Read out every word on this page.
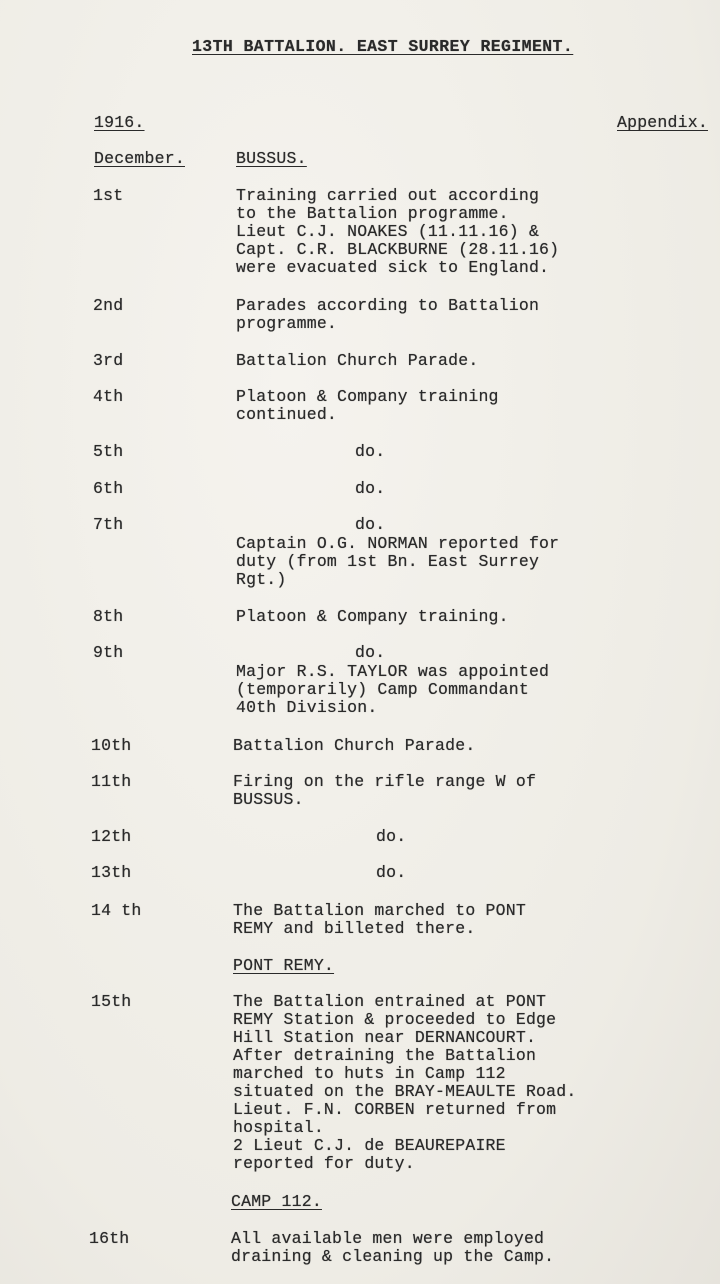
13TH BATTALION. EAST SURREY REGIMENT.
1916.	Appendix.
December.	BUSSUS.
1st	Training carried out according
to the Battalion programme.
Lieut C.J. NOAKES (11.11.16) &
Capt. C.R. BLACKBURNE (28.11.16)
were evacuated sick to England.
2nd	Parades according to Battalion
programme.
3rd	Battalion Church Parade.
4th	Platoon & Company training
continued.
5th	do.
6th	do.
7th	do.
Captain O.G. NORMAN reported for
duty (from 1st Bn. East Surrey
Rgt.)
8th	Platoon & Company training.
9th	do.
Major R.S. TAYLOR was appointed
(temporarily) Camp Commandant
40th Division.
10th	Battalion Church Parade.
11th	Firing on the rifle range W of
BUSSUS.
12th	do.
13th	do.
14 th	The Battalion marched to PONT
REMY and billeted there.
PONT REMY.
15th	The Battalion entrained at PONT
REMY Station & proceeded to Edge
Hill Station near DERNANCOURT.
After detraining the Battalion
marched to huts in Camp 112
situated on the BRAY-MEAULTE Road.
Lieut. F.N. CORBEN returned from
hospital.
2 Lieut C.J. de BEAUREPAIRE
reported for duty.
CAMP 112.
16th	All available men were employed
draining & cleaning up the Camp.
